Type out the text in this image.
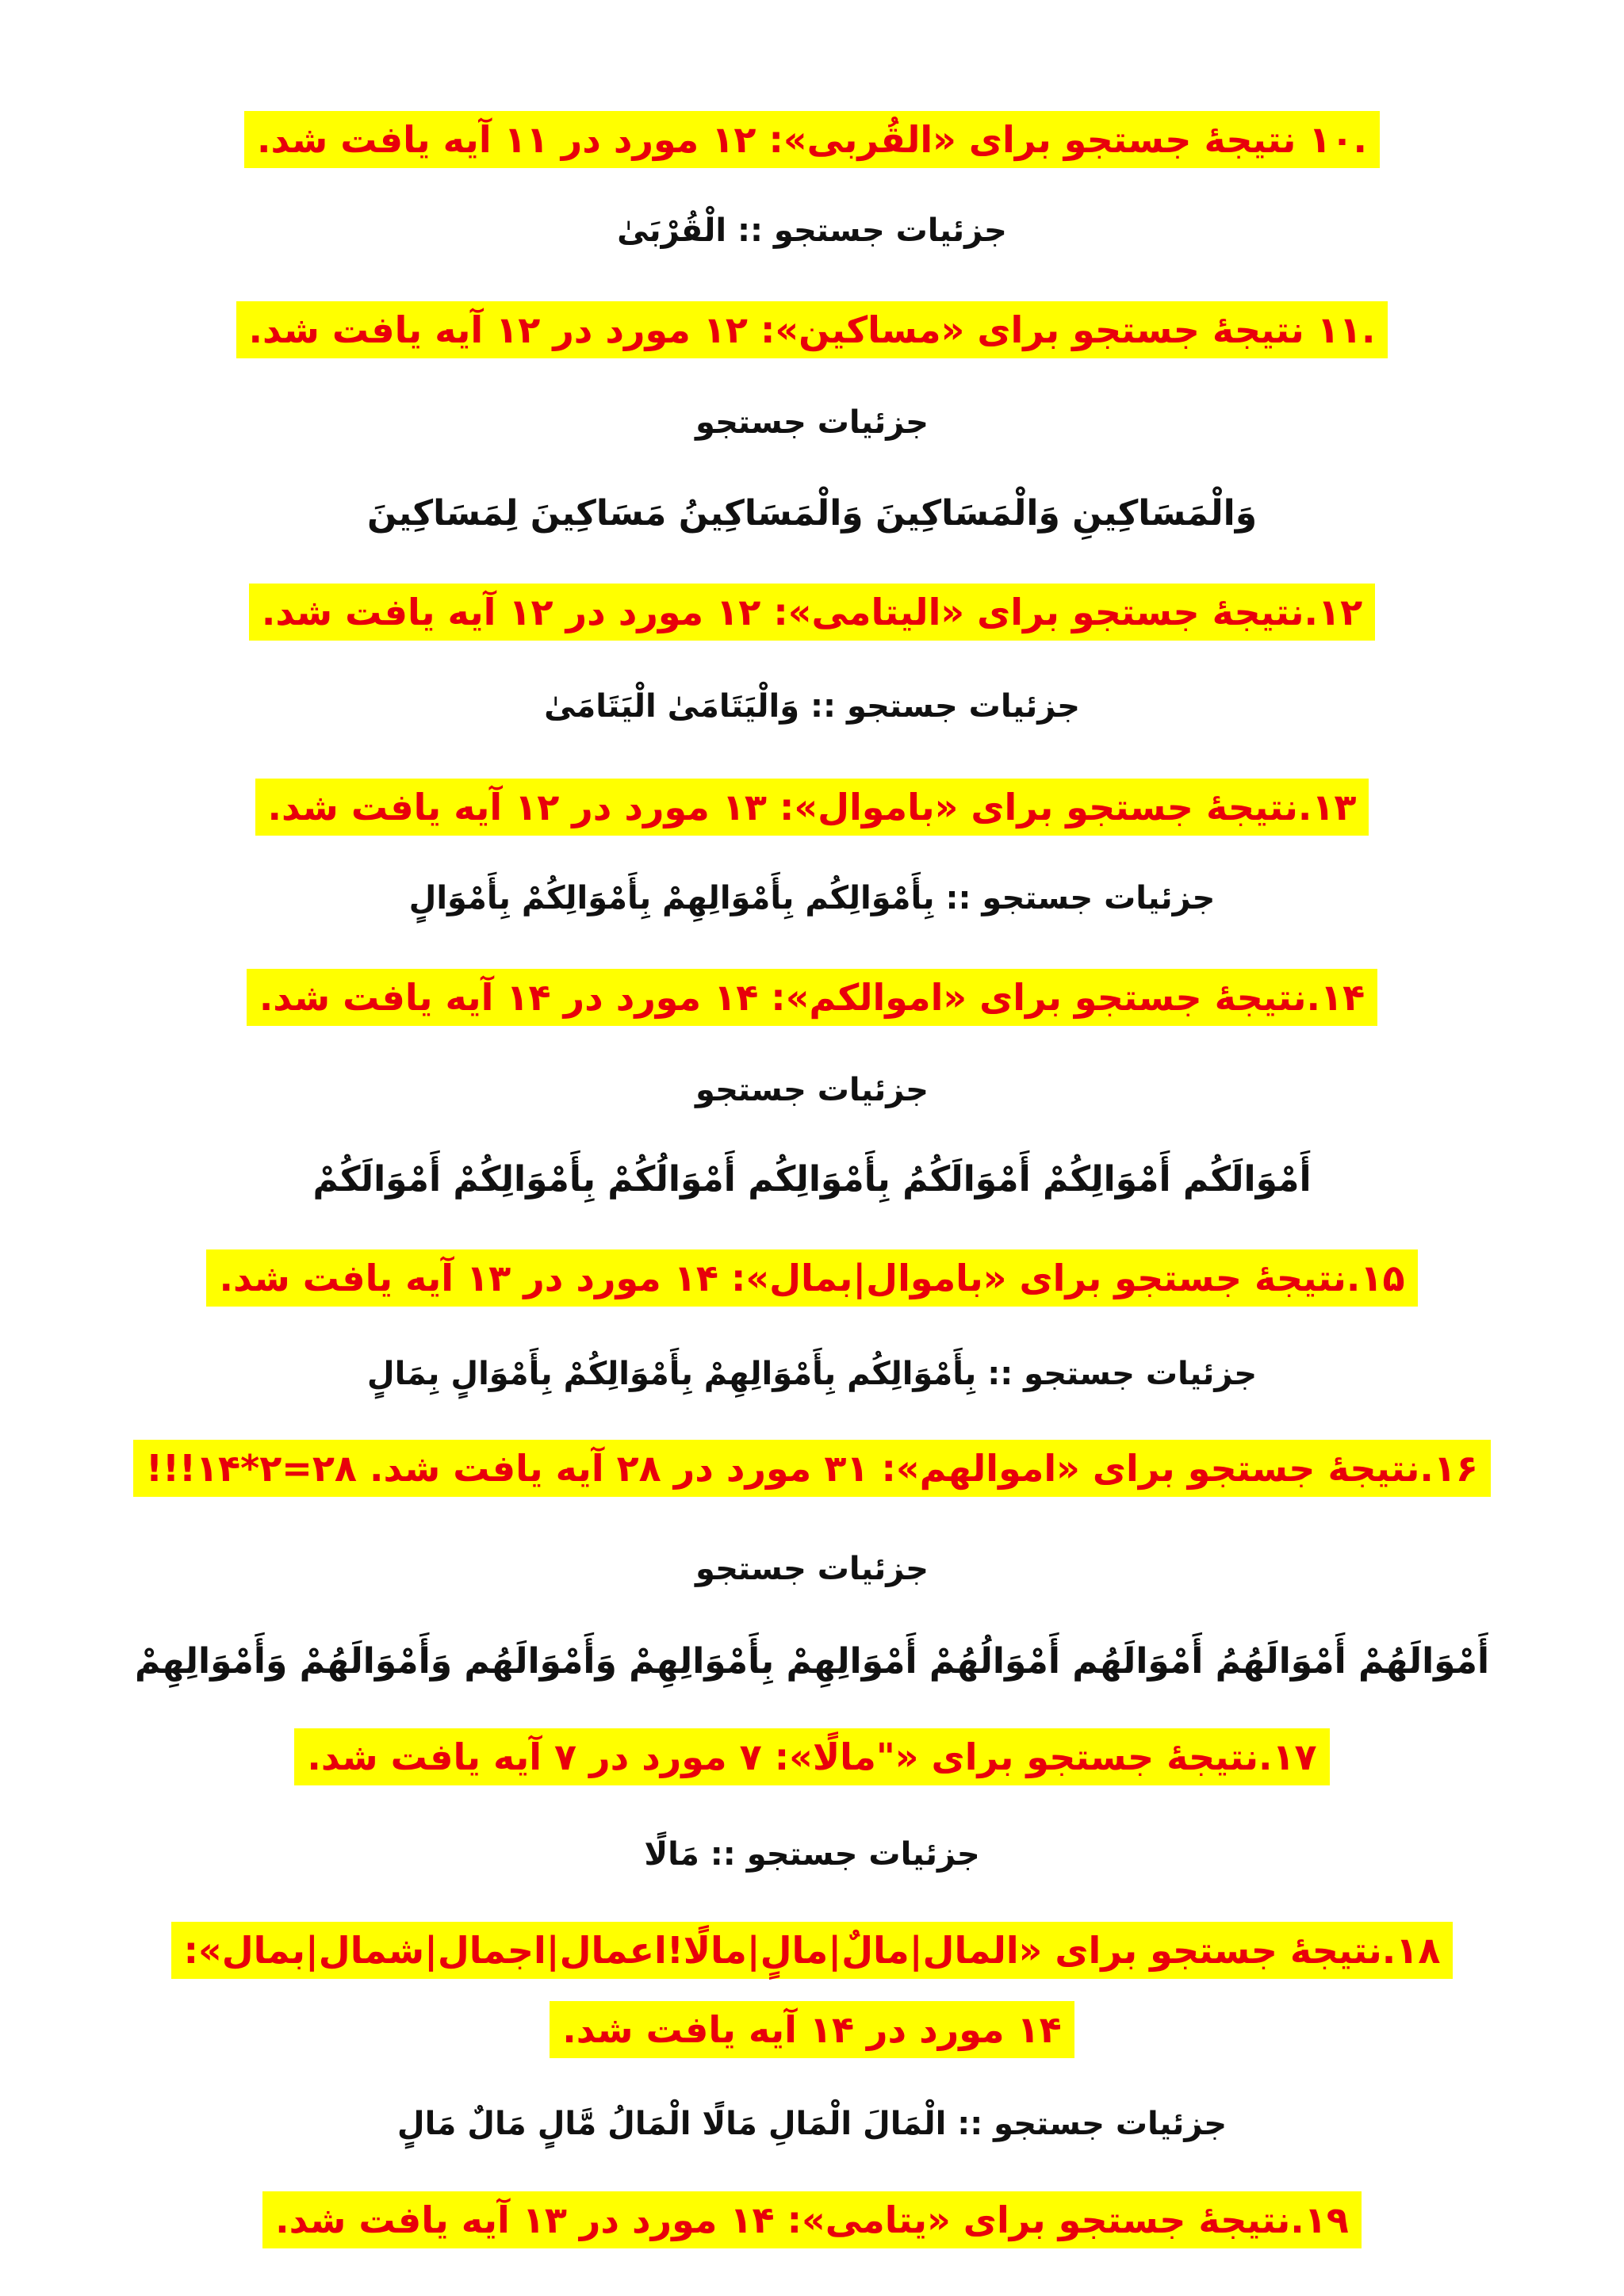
.۱۰ نتیجهٔ جستجو برای «القُربی»: ۱۲ مورد در ۱۱ آیه یافت شد.
جزئیات جستجو :: الْقُرْبَیٰ
.۱۱ نتیجهٔ جستجو برای «مساکین»: ۱۲ مورد در ۱۲ آیه یافت شد.
جزئیات جستجو
وَالْمَسَاکِینِ وَالْمَسَاکِینَ وَالْمَسَاکِینُ مَسَاکِینَ لِمَسَاکِینَ
۱۲.نتیجهٔ جستجو برای «الیتامی»: ۱۲ مورد در ۱۲ آیه یافت شد.
جزئیات جستجو :: وَالْیَتَامَیٰ الْیَتَامَیٰ
۱۳.نتیجهٔ جستجو برای «باموال»: ۱۳ مورد در ۱۲ آیه یافت شد.
جزئیات جستجو :: بِأَمْوَالِکُم بِأَمْوَالِهِمْ بِأَمْوَالِکُمْ بِأَمْوَالٍ
۱۴.نتیجهٔ جستجو برای «اموالکم»: ۱۴ مورد در ۱۴ آیه یافت شد.
جزئیات جستجو
أَمْوَالَکُم أَمْوَالِکُمْ أَمْوَالَکُمُ بِأَمْوَالِکُم أَمْوَالُکُمْ بِأَمْوَالِکُمْ أَمْوَالَکُمْ
۱۵.نتیجهٔ جستجو برای «باموال|بمال»: ۱۴ مورد در ۱۳ آیه یافت شد.
جزئیات جستجو :: بِأَمْوَالِکُم بِأَمْوَالِهِمْ بِأَمْوَالِکُمْ بِأَمْوَالٍ بِمَالٍ
۱۶.نتیجهٔ جستجو برای «اموالهم»: ۳۱ مورد در ۲۸ آیه یافت شد. ۲۸=۲*۱۴!!!
جزئیات جستجو
أَمْوَالَهُمْ أَمْوَالَهُمُ أَمْوَالَهُم أَمْوَالُهُمْ أَمْوَالِهِمْ بِأَمْوَالِهِمْ وَأَمْوَالَهُم وَأَمْوَالَهُمْ وَأَمْوَالِهِمْ
۱۷.نتیجهٔ جستجو برای «"مالًا»: ۷ مورد در ۷ آیه یافت شد.
جزئیات جستجو :: مَالًا
۱۸.نتیجهٔ جستجو برای «المال|مالٌ|مالٍ|مالًا!اعمال|اجمال|شمال|بمال»:
۱۴ مورد در ۱۴ آیه یافت شد.
جزئیات جستجو :: الْمَالَ الْمَالِ مَالًا الْمَالُ مَّالٍ مَالٌ مَالٍ
۱۹.نتیجهٔ جستجو برای «یتامی»: ۱۴ مورد در ۱۳ آیه یافت شد.
